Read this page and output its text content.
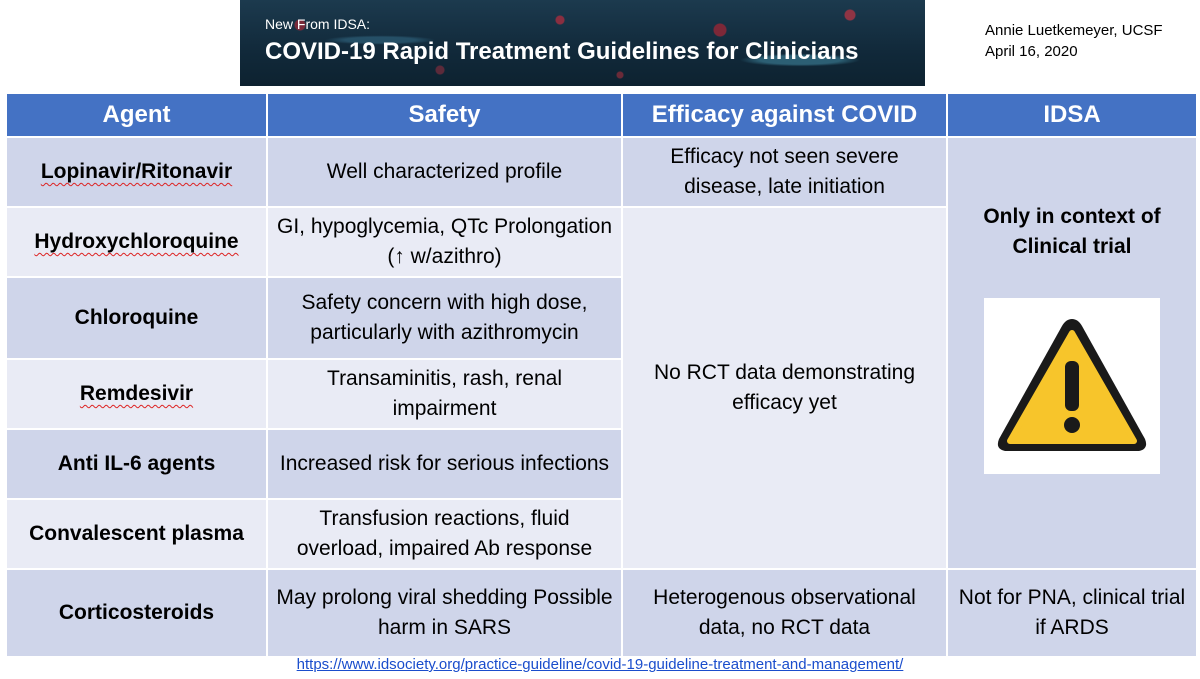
New From IDSA:
COVID-19 Rapid Treatment Guidelines for Clinicians
Annie Luetkemeyer, UCSF
April 16, 2020
Agent	Safety	Efficacy against COVID	IDSA
Lopinavir/Ritonavir	Well characterized profile	Efficacy not seen severe disease, late initiation	Only in context of Clinical trial

Hydroxychloroquine	GI, hypoglycemia, QTc Prolongation (↑ w/azithro)	No RCT data demonstrating efficacy yet	
Chloroquine	Safety concern with high dose, particularly with azithromycin		
Remdesivir	Transaminitis, rash, renal impairment		
Anti IL-6 agents	Increased risk for serious infections		
Convalescent plasma	Transfusion reactions, fluid overload, impaired Ab response		
Corticosteroids	May prolong viral shedding Possible harm in SARS	Heterogenous observational data, no RCT data	Not for PNA, clinical trial if ARDS
https://www.idsociety.org/practice-guideline/covid-19-guideline-treatment-and-management/
